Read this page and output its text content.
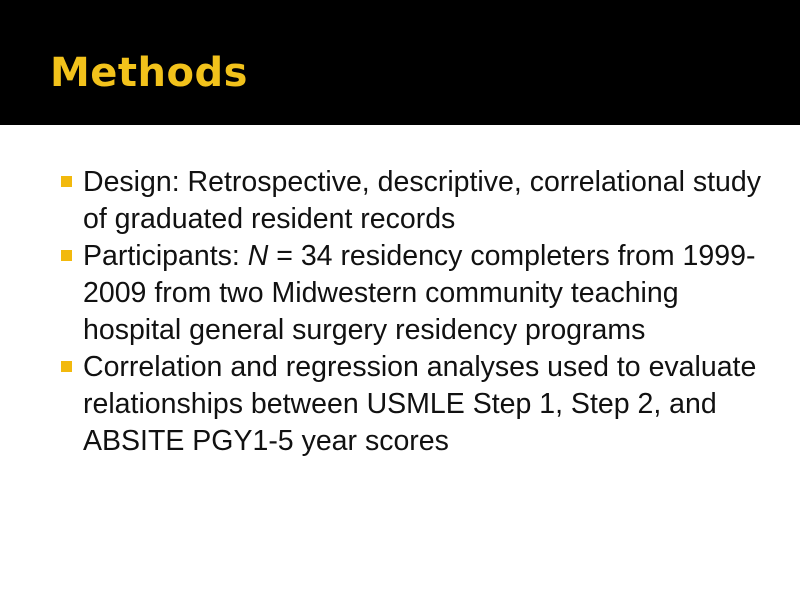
Methods
Design: Retrospective, descriptive, correlational study of graduated resident records
Participants: N = 34 residency completers from 1999-2009 from two Midwestern community teaching hospital general surgery residency programs
Correlation and regression analyses used to evaluate relationships between USMLE Step 1, Step 2, and ABSITE PGY1-5 year scores
